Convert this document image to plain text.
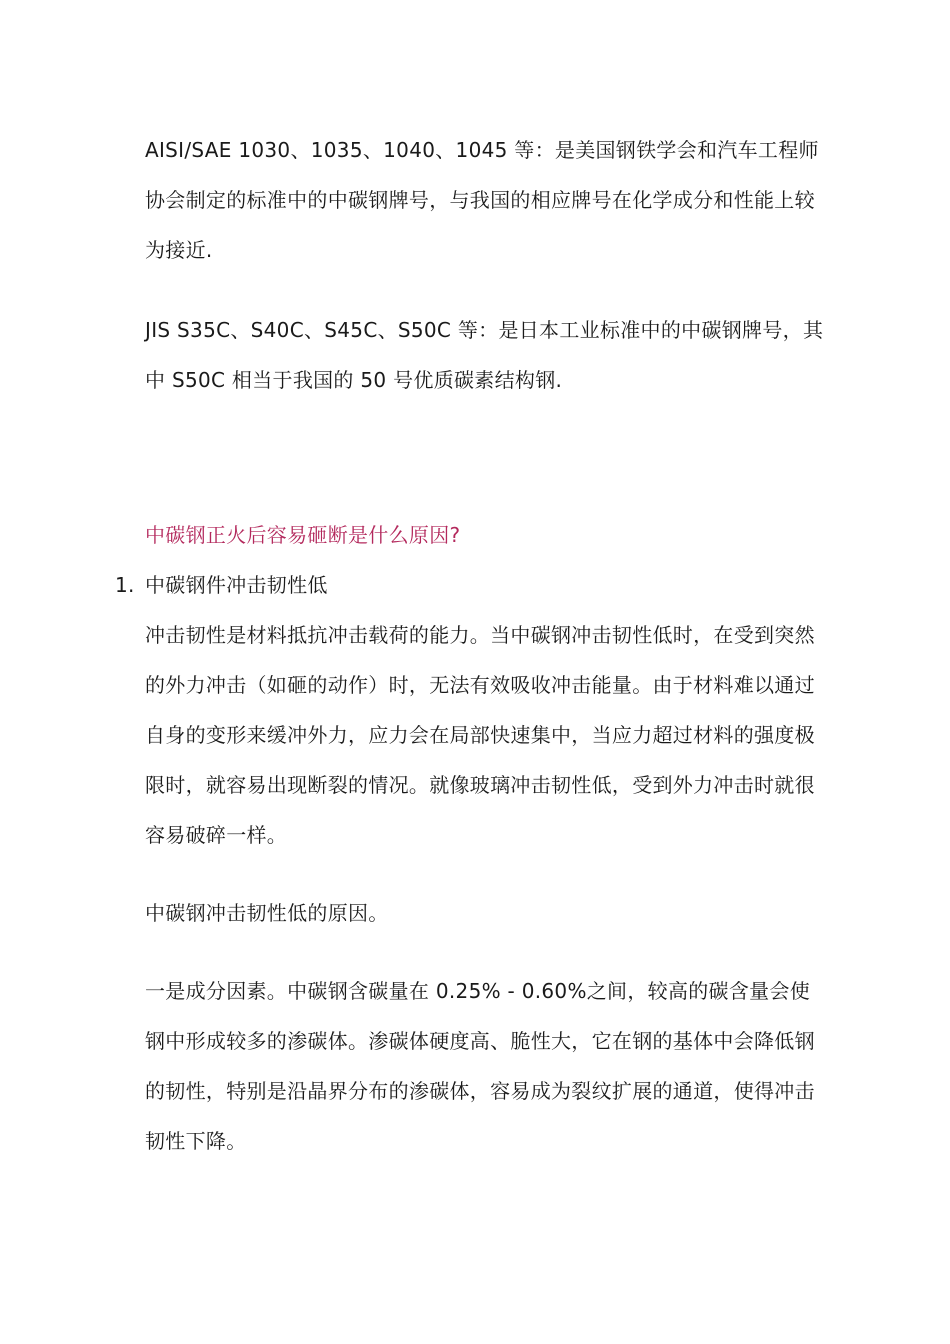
AISI/SAE 1030、1035、1040、1045 等：是美国钢铁学会和汽车工程师协会制定的标准中的中碳钢牌号，与我国的相应牌号在化学成分和性能上较为接近.

JIS S35C、S40C、S45C、S50C 等：是日本工业标准中的中碳钢牌号，其中 S50C 相当于我国的 50 号优质碳素结构钢.

中碳钢正火后容易砸断是什么原因?

1. 中碳钢件冲击韧性低

冲击韧性是材料抵抗冲击载荷的能力。当中碳钢冲击韧性低时，在受到突然的外力冲击（如砸的动作）时，无法有效吸收冲击能量。由于材料难以通过自身的变形来缓冲外力，应力会在局部快速集中，当应力超过材料的强度极限时，就容易出现断裂的情况。就像玻璃冲击韧性低，受到外力冲击时就很容易破碎一样。

中碳钢冲击韧性低的原因。

一是成分因素。中碳钢含碳量在 0.25% - 0.60%之间，较高的碳含量会使钢中形成较多的渗碳体。渗碳体硬度高、脆性大，它在钢的基体中会降低钢的韧性，特别是沿晶界分布的渗碳体，容易成为裂纹扩展的通道，使得冲击韧性下降。
